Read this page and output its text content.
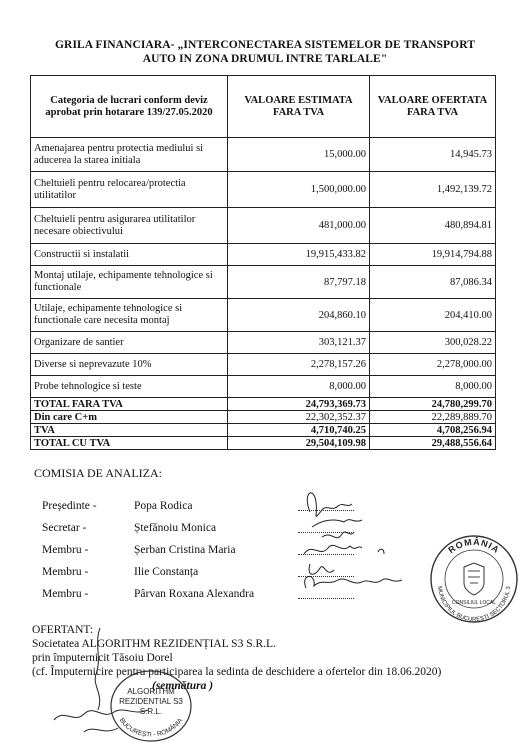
GRILA FINANCIARA- „INTERCONECTAREA SISTEMELOR DE TRANSPORT
AUTO IN ZONA DRUMUL INTRE TARLALE"
Categoria de lucrari conform deviz aprobat prin hotarare 139/27.05.2020	VALOARE ESTIMATA FARA TVA	VALOARE OFERTATA FARA TVA
Amenajarea pentru protectia mediului si aducerea la starea initiala	15,000.00	14,945.73
Cheltuieli pentru relocarea/protectia utilitatilor	1,500,000.00	1,492,139.72
Cheltuieli pentru asigurarea utilitatilor necesare obiectivului	481,000.00	480,894.81
Constructii si instalatii	19,915,433.82	19,914,794.88
Montaj utilaje, echipamente tehnologice si functionale	87,797.18	87,086.34
Utilaje, echipamente tehnologice si functionale care necesita montaj	204,860.10	204,410.00
Organizare de santier	303,121.37	300,028.22
Diverse si neprevazute 10%	2,278,157.26	2,278,000.00
Probe tehnologice si teste	8,000.00	8,000.00
TOTAL FARA TVA	24,793,369.73	24,780,299.70
Din care C+m	22,302,352.37	22,289,889.70
TVA	4,710,740.25	4,708,256.94
TOTAL CU TVA	29,504,109.98	29,488,556.64
COMISIA DE ANALIZA:
Președinte -	Popa Rodica
Secretar -	Ștefănoiu Monica
Membru -	Șerban Cristina Maria
Membru -	Ilie Constanța
Membru -	Pârvan Roxana Alexandra
ROMÂNIA
MUNICIPIUL BUCUREȘTI SECTORUL 3
CONSILIUL LOCAL
OFERTANT:
Societatea ALGORITHM REZIDENȚIAL S3 S.R.L.
prin împuternicit Tăsoiu Dorel
(cf. Împuternicire pentru participarea la sedinta de deschidere a ofertelor din 18.06.2020)
(semnătura )
ALGORITHM
REZIDENTIAL S3
S.R.L.
BUCUREȘTI - ROMÂNIA
